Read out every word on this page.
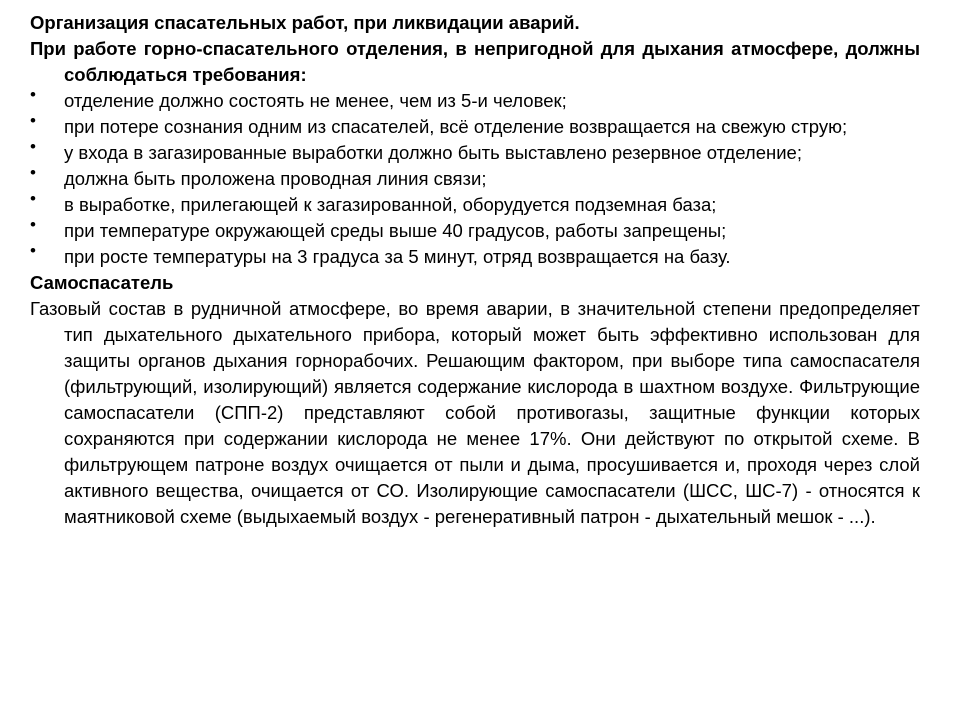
Организация спасательных работ, при ликвидации аварий.

При работе горно-спасательного отделения, в непригодной для дыхания атмосфере, должны соблюдаться требования:

• отделение должно состоять не менее, чем из 5-и человек;
• при потере сознания одним из спасателей, всё отделение возвращается на свежую струю;
• у входа в загазированные выработки должно быть выставлено резервное отделение;
• должна быть проложена проводная линия связи;
• в выработке, прилегающей к загазированной, оборудуется подземная база;
• при температуре окружающей среды выше 40 градусов, работы запрещены;
• при росте температуры на 3 градуса за 5 минут, отряд возвращается на базу.

Самоспасатель

Газовый состав в рудничной атмосфере, во время аварии, в значительной степени предопределяет тип дыхательного дыхательного прибора, который может быть эффективно использован для защиты органов дыхания горнорабочих. Решающим фактором, при выборе типа самоспасателя (фильтрующий, изолирующий) является содержание кислорода в шахтном воздухе. Фильтрующие самоспасатели (СПП-2) представляют собой противогазы, защитные функции которых сохраняются при содержании кислорода не менее 17%. Они действуют по открытой схеме. В фильтрующем патроне воздух очищается от пыли и дыма, просушивается и, проходя через слой активного вещества, очищается от СО. Изолирующие самоспасатели (ШСС, ШС-7) - относятся к маятниковой схеме (выдыхаемый воздух - регенеративный патрон - дыхательный мешок - ...).
